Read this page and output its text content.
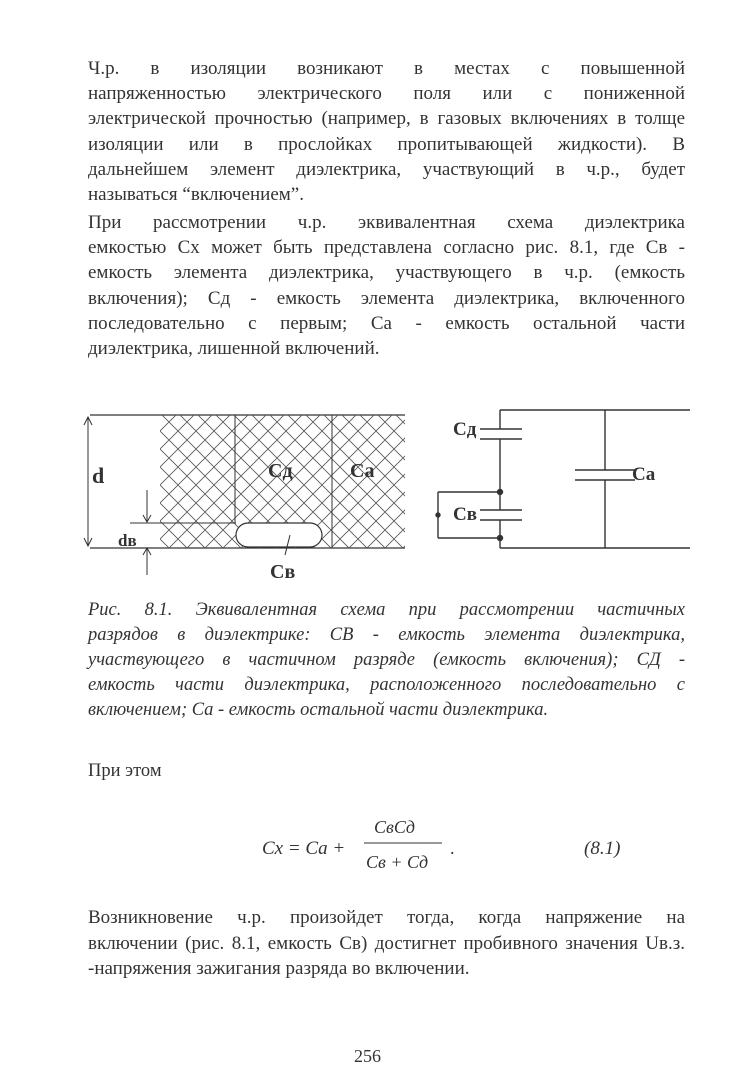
Ч.р. в изоляции возникают в местах с повышенной
напряженностью электрического поля или с пониженной
электрической прочностью (например, в газовых включениях в толще
изоляции или в прослойках пропитывающей жидкости). В
дальнейшем элемент диэлектрика, участвующий в ч.р., будет
называться “включением”.
При рассмотрении ч.р. эквивалентная схема диэлектрика
емкостью Cx может быть представлена согласно рис. 8.1, где Cв -
емкость элемента диэлектрика, участвующего в ч.р. (емкость
включения); Cд - емкость элемента диэлектрика, включенного
последовательно с первым; Cа - емкость остальной части
диэлектрика, лишенной включений.
d
dв
Cд	Cа
Cв
Cд
Cв
Cа
Рис. 8.1. Эквивалентная схема при рассмотрении частичных
разрядов в диэлектрике: CВ - емкость элемента диэлектрика,
участвующего в частичном разряде (емкость включения); CД -
емкость части диэлектрика, расположенного последовательно с
включением; Cа - емкость остальной части диэлектрика.
При этом
Cx = Cа +
CвCд
Cв + Cд
.	(8.1)
Возникновение ч.р. произойдет тогда, когда напряжение на
включении (рис. 8.1, емкость Cв) достигнет пробивного значения Uв.з.
-напряжения зажигания разряда во включении.
256
